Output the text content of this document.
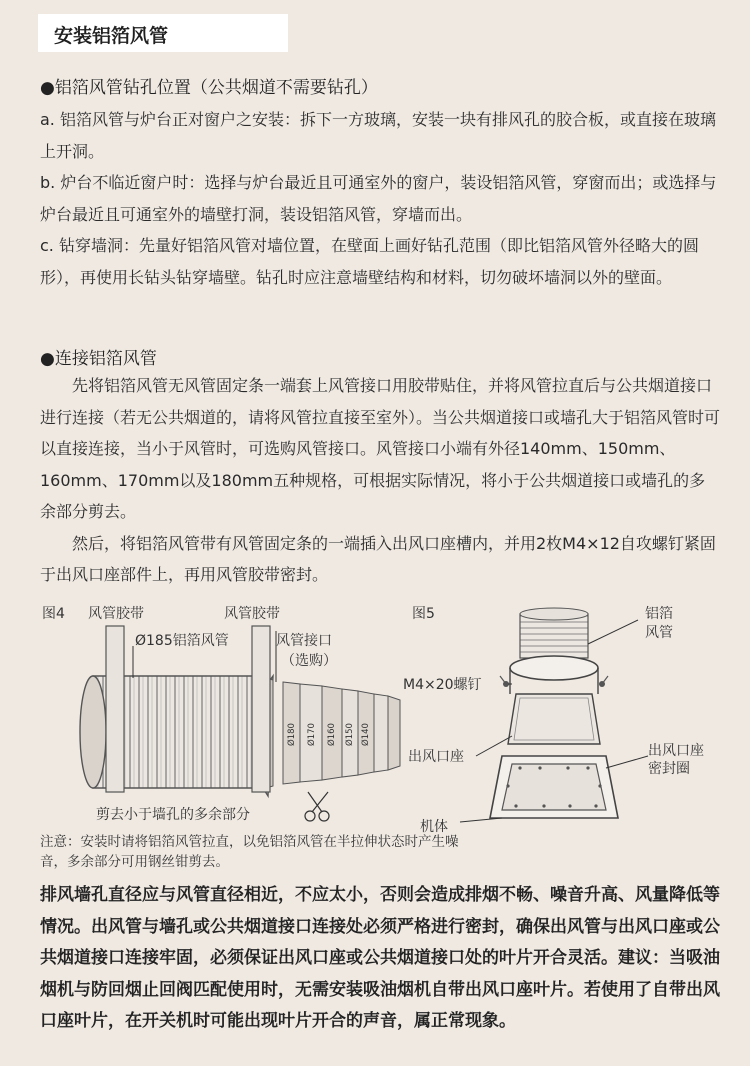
安装铝箔风管
●铝箔风管钻孔位置（公共烟道不需要钻孔）

a. 铝箔风管与炉台正对窗户之安装：拆下一方玻璃，安装一块有排风孔的胶合板，或直接在玻璃上开洞。

b. 炉台不临近窗户时：选择与炉台最近且可通室外的窗户，装设铝箔风管，穿窗而出；或选择与炉台最近且可通室外的墙壁打洞，装设铝箔风管，穿墙而出。

c. 钻穿墙洞：先量好铝箔风管对墙位置，在壁面上画好钻孔范围（即比铝箔风管外径略大的圆形），再使用长钻头钻穿墙壁。钻孔时应注意墙壁结构和材料，切勿破坏墙洞以外的壁面。

●连接铝箔风管

先将铝箔风管无风管固定条一端套上风管接口用胶带贴住，并将风管拉直后与公共烟道接口进行连接（若无公共烟道的，请将风管拉直接至室外）。当公共烟道接口或墙孔大于铝箔风管时可以直接连接，当小于风管时，可选购风管接口。风管接口小端有外径140mm、150mm、160mm、170mm以及180mm五种规格，可根据实际情况，将小于公共烟道接口或墙孔的多余部分剪去。

然后，将铝箔风管带有风管固定条的一端插入出风口座槽内，并用2枚M4×12自攻螺钉紧固于出风口座部件上，再用风管胶带密封。

Ø180 Ø170 Ø160 Ø150 Ø140
图4 风管胶带	风管胶带
Ø185铝箔风管	风管接口
（选购）
剪去小于墙孔的多余部分
图5	铝箔
风管
M4×20螺钉
出风口座	出风口座
密封圈
机体
注意：安装时请将铝箔风管拉直，以免铝箔风管在半拉伸状态时产生噪音，多余部分可用钢丝钳剪去。
排风墙孔直径应与风管直径相近，不应太小，否则会造成排烟不畅、噪音升高、风量降低等情况。出风管与墙孔或公共烟道接口连接处必须严格进行密封，确保出风管与出风口座或公共烟道接口连接牢固，必须保证出风口座或公共烟道接口处的叶片开合灵活。建议：当吸油烟机与防回烟止回阀匹配使用时，无需安装吸油烟机自带出风口座叶片。若使用了自带出风口座叶片，在开关机时可能出现叶片开合的声音，属正常现象。
